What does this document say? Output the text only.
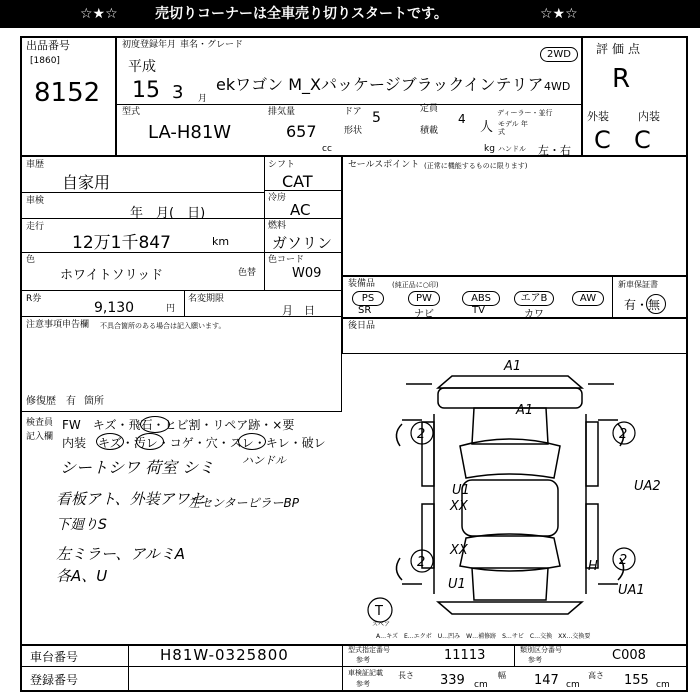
☆★☆	売切りコーナーは全車売り切りスタートです。	☆★☆
出品番号
[1860]
8152
初度登録年月 車名・グレード
平成
15 3 月
ekワゴン M_Xパッケージブラックインテリア
2WD
4WD
型式
LA-H81W
排気量
657
cc
ドア 5
形状
定員
4
人
積載
kg
ディーラー・並行
モデル 年式
ハンドル 左・右
評価点
R
外装	内装
C C
車歴
自家用
車検
年　月(　日)
走行
12万1千847	km
シフト
CAT
冷房
AC
燃料
ガソリン
色
ホワイトソリッド	色替
色コード
W09
R券
9,130	円
名変期限
月　日
注意事項申告欄 不具合箇所のある場合は記入願います。
修復歴 有 箇所
セールスポイント (正常に機能するものに限ります)
装備品 (純正品に○印)
PS	PW	ABS	エアB	AW
SR	ナビ	TV	カワ
新車保証書
有・無
後日品
検査員
記入欄
FW　キズ・飛石・ヒビ割・リペア跡・×要
内装　キズ・汚レ・コゲ・穴・スレ・キレ・破レ
シートシワ 荷室 シミ	ハンドル
看板アト、外装アワセ
左センターピラーBP
下廻りS
左ミラー、アルミA
各A、U
A1
A1
2	2
U1
XX
UA2
XX
2	2
U1
H
UA1
T
スペア
A…キズ　E…エクボ　U…凹み　W…補修跡　S…サビ　C…交換　XX…交換要
車台番号	H81W-0325800
登録番号
型式指定番号
参考	11113	類別区分番号
参考	C008
車検証記載
参考
長さ 339 cm
幅 147 cm
高さ 155 cm
